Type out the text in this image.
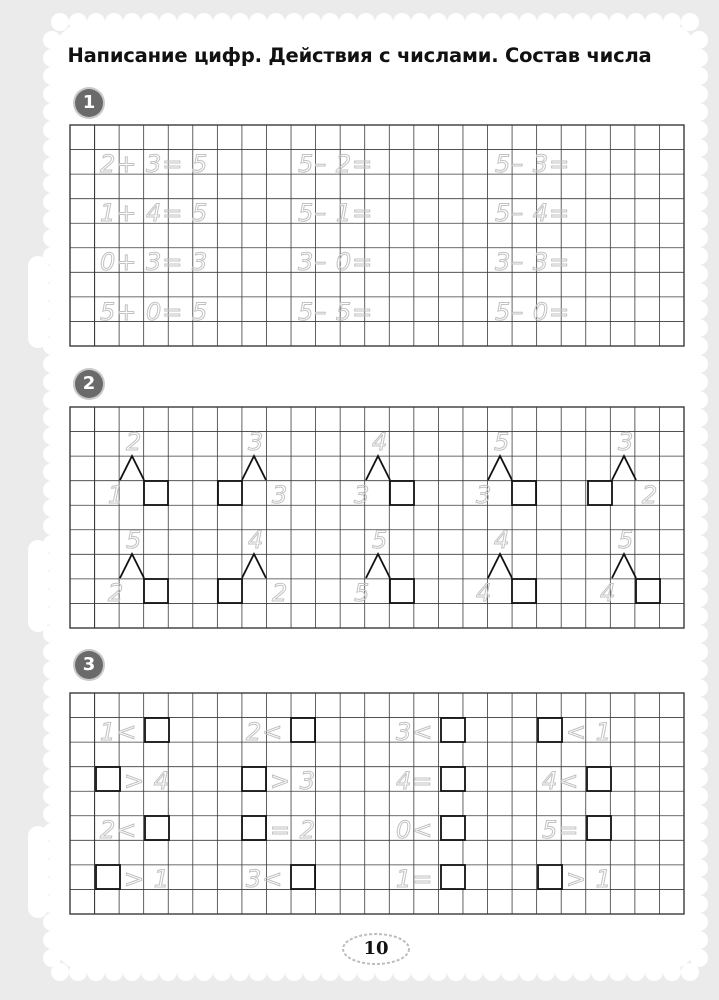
Написание цифр. Действия с числами. Состав числа
1
2
3
2+ 3= 5	5– 2=	5– 3=
1+ 4= 5	5– 1=	5– 4=
0+ 3= 3	3– 0=	3– 3=
5+ 0= 5	5– 5=	5– 0=
2
1
3
3
4
3
5
3
3
2
5
2
4
2
5
5
4
4
5
4
1<	2<	3<	< 1
> 4	> 3	4=	4<
2<	= 2	0<	5=
> 1	3<	1=	> 1
10
